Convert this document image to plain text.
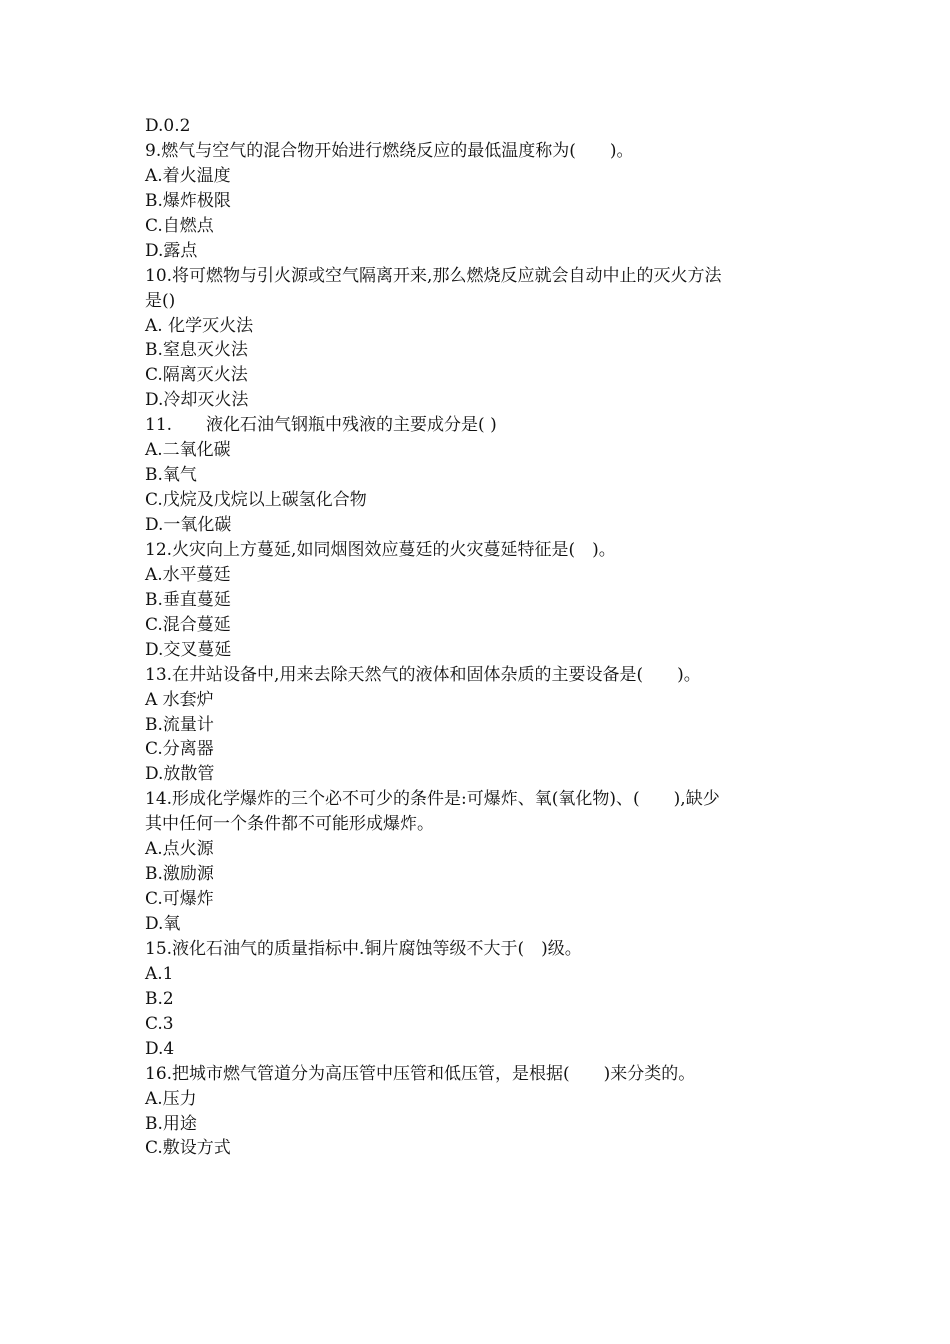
D.0.2
9.燃气与空气的混合物开始进行燃绕反应的最低温度称为(　　)。
A.着火温度
B.爆炸极限
C.自燃点
D.露点
10.将可燃物与引火源或空气隔离开来,那么燃烧反应就会自动中止的灭火方法
是()
A. 化学灭火法
B.窒息灭火法
C.隔离灭火法
D.冷却灭火法
11.　　液化石油气钢瓶中残液的主要成分是( )
A.二氧化碳
B.氧气
C.戊烷及戊烷以上碳氢化合物
D.一氧化碳
12.火灾向上方蔓延,如同烟图效应蔓廷的火灾蔓延特征是(　)。
A.水平蔓廷
B.垂直蔓延
C.混合蔓延
D.交叉蔓延
13.在井站设备中,用来去除天然气的液体和固体杂质的主要设备是(　　)。
A 水套炉
B.流量计
C.分离器
D.放散管
14.形成化学爆炸的三个必不可少的条件是:可爆炸、氧(氧化物)、(　　),缺少
其中任何一个条件都不可能形成爆炸。
A.点火源
B.激励源
C.可爆炸
D.氧
15.液化石油气的质量指标中.铜片腐蚀等级不大于(　)级。
A.1
B.2
C.3
D.4
16.把城市燃气管道分为高压管中压管和低压管，是根据(　　)来分类的。
A.压力
B.用途
C.敷设方式
